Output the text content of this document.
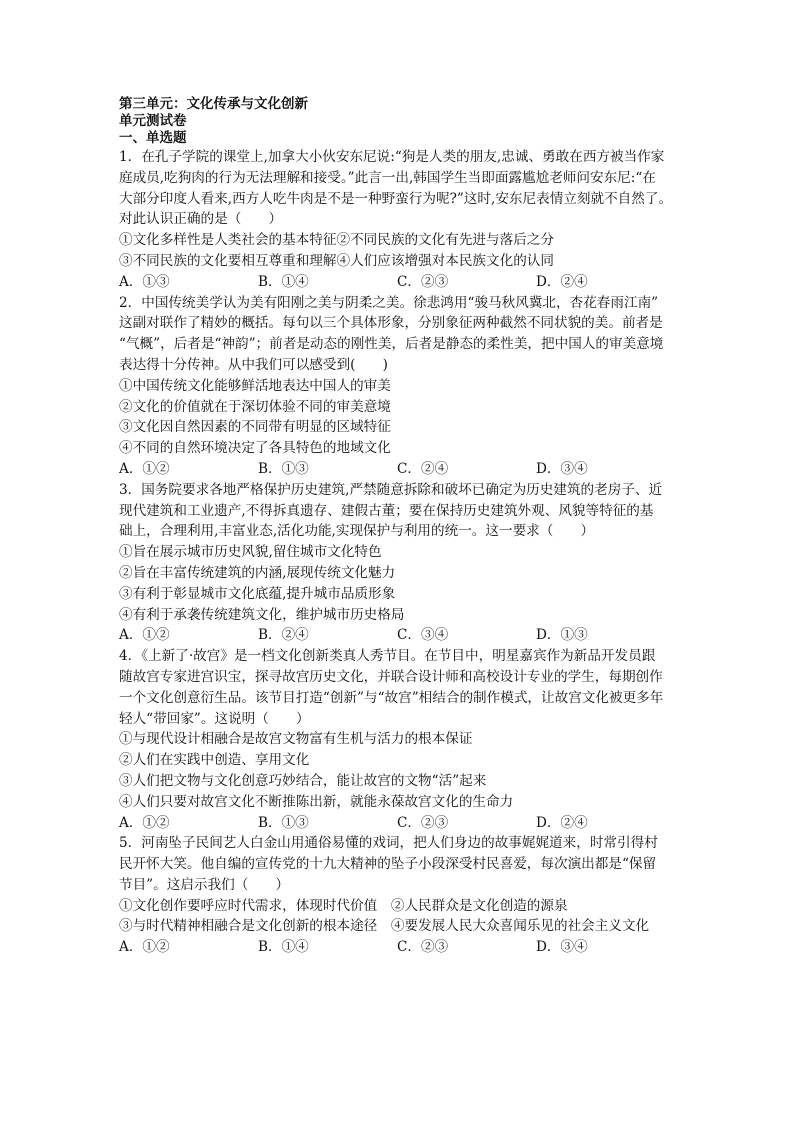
第三单元：文化传承与文化创新
单元测试卷
一、单选题
1．在孔子学院的课堂上,加拿大小伙安东尼说:“狗是人类的朋友,忠诚、勇敢在西方被当作家
庭成员,吃狗肉的行为无法理解和接受。”此言一出,韩国学生当即面露尴尬老师问安东尼:“在
大部分印度人看来,西方人吃牛肉是不是一种野蛮行为呢?”这时,安东尼表情立刻就不自然了。
对此认识正确的是（　　）
①文化多样性是人类社会的基本特征②不同民族的文化有先进与落后之分
③不同民族的文化要相互尊重和理解④人们应该增强对本民族文化的认同
A．①③	B．①④	C．②③	D．②④
2．中国传统美学认为美有阳刚之美与阴柔之美。徐悲鸿用“骏马秋风冀北，杏花春雨江南”
这副对联作了精妙的概括。每句以三个具体形象，分别象征两种截然不同状貌的美。前者是
“气概”，后者是“神韵”；前者是动态的刚性美，后者是静态的柔性美，把中国人的审美意境
表达得十分传神。从中我们可以感受到(　　)
①中国传统文化能够鲜活地表达中国人的审美
②文化的价值就在于深切体验不同的审美意境
③文化因自然因素的不同带有明显的区域特征
④不同的自然环境决定了各具特色的地域文化
A．①②	B．①③	C．②④	D．③④
3．国务院要求各地严格保护历史建筑,严禁随意拆除和破坏已确定为历史建筑的老房子、近
现代建筑和工业遗产,不得拆真遗存、建假古董；要在保持历史建筑外观、风貌等特征的基
础上，合理利用,丰富业态,活化功能,实现保护与利用的统一。这一要求（　　）
①旨在展示城市历史风貌,留住城市文化特色
②旨在丰富传统建筑的内涵,展现传统文化魅力
③有利于彰显城市文化底蕴,提升城市品质形象
④有利于承袭传统建筑文化，维护城市历史格局
A．①②	B．②④	C．③④	D．①③
4．《上新了·故宫》是一档文化创新类真人秀节目。在节目中，明星嘉宾作为新品开发员跟
随故宫专家进宫识宝，探寻故宫历史文化，并联合设计师和高校设计专业的学生，每期创作
一个文化创意衍生品。该节目打造“创新”与“故宫”相结合的制作模式，让故宫文化被更多年
轻人“带回家”。这说明（　　）
①与现代设计相融合是故宫文物富有生机与活力的根本保证
②人们在实践中创造、享用文化
③人们把文物与文化创意巧妙结合，能让故宫的文物“活”起来
④人们只要对故宫文化不断推陈出新，就能永葆故宫文化的生命力
A．①②	B．①③	C．②③	D．②④
5．河南坠子民间艺人白金山用通俗易懂的戏词，把人们身边的故事娓娓道来，时常引得村
民开怀大笑。他自编的宣传党的十九大精神的坠子小段深受村民喜爱，每次演出都是“保留
节目”。这启示我们（　　）
①文化创作要呼应时代需求，体现时代价值　②人民群众是文化创造的源泉
③与时代精神相融合是文化创新的根本途径　④要发展人民大众喜闻乐见的社会主义文化
A．①②	B．①④	C．②③	D．③④
